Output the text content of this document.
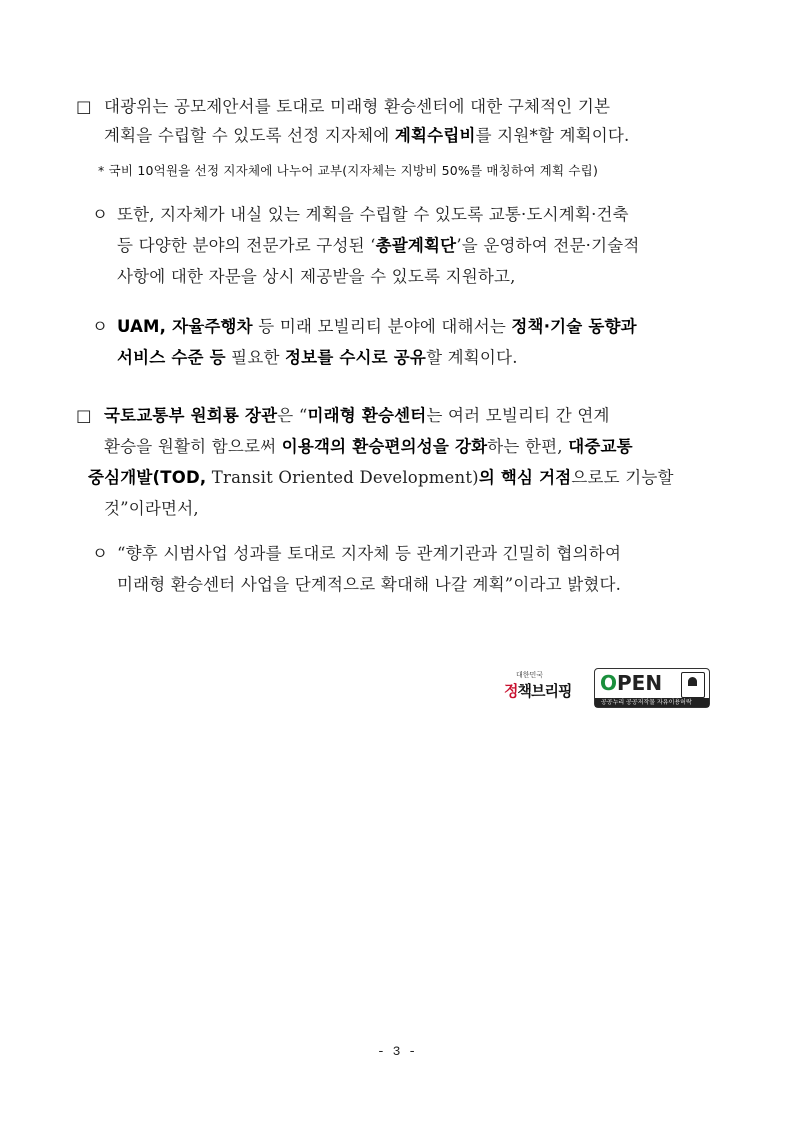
□ 대광위는 공모제안서를 토대로 미래형 환승센터에 대한 구체적인 기본
계획을 수립할 수 있도록 선정 지자체에 계획수립비를 지원*할 계획이다.
* 국비 10억원을 선정 지자체에 나누어 교부(지자체는 지방비 50%를 매칭하여 계획 수립)
ㅇ 또한, 지자체가 내실 있는 계획을 수립할 수 있도록 교통·도시계획·건축
등 다양한 분야의 전문가로 구성된 ‘총괄계획단’을 운영하여 전문·기술적
사항에 대한 자문을 상시 제공받을 수 있도록 지원하고,
ㅇ UAM, 자율주행차 등 미래 모빌리티 분야에 대해서는 정책·기술 동향과
서비스 수준 등 필요한 정보를 수시로 공유할 계획이다.
□ 국토교통부 원희룡 장관은 “미래형 환승센터는 여러 모빌리티 간 연계
환승을 원활히 함으로써 이용객의 환승편의성을 강화하는 한편, 대중교통
중심개발(TOD, Transit Oriented Development)의 핵심 거점으로도 기능할
것”이라면서,
ㅇ “향후 시범사업 성과를 토대로 지자체 등 관계기관과 긴밀히 협의하여
미래형 환승센터 사업을 단계적으로 확대해 나갈 계획”이라고 밝혔다.
대한민국
정책브리핑 OPEN
공공누리 공공저작물 자유이용허락
- 3 -
